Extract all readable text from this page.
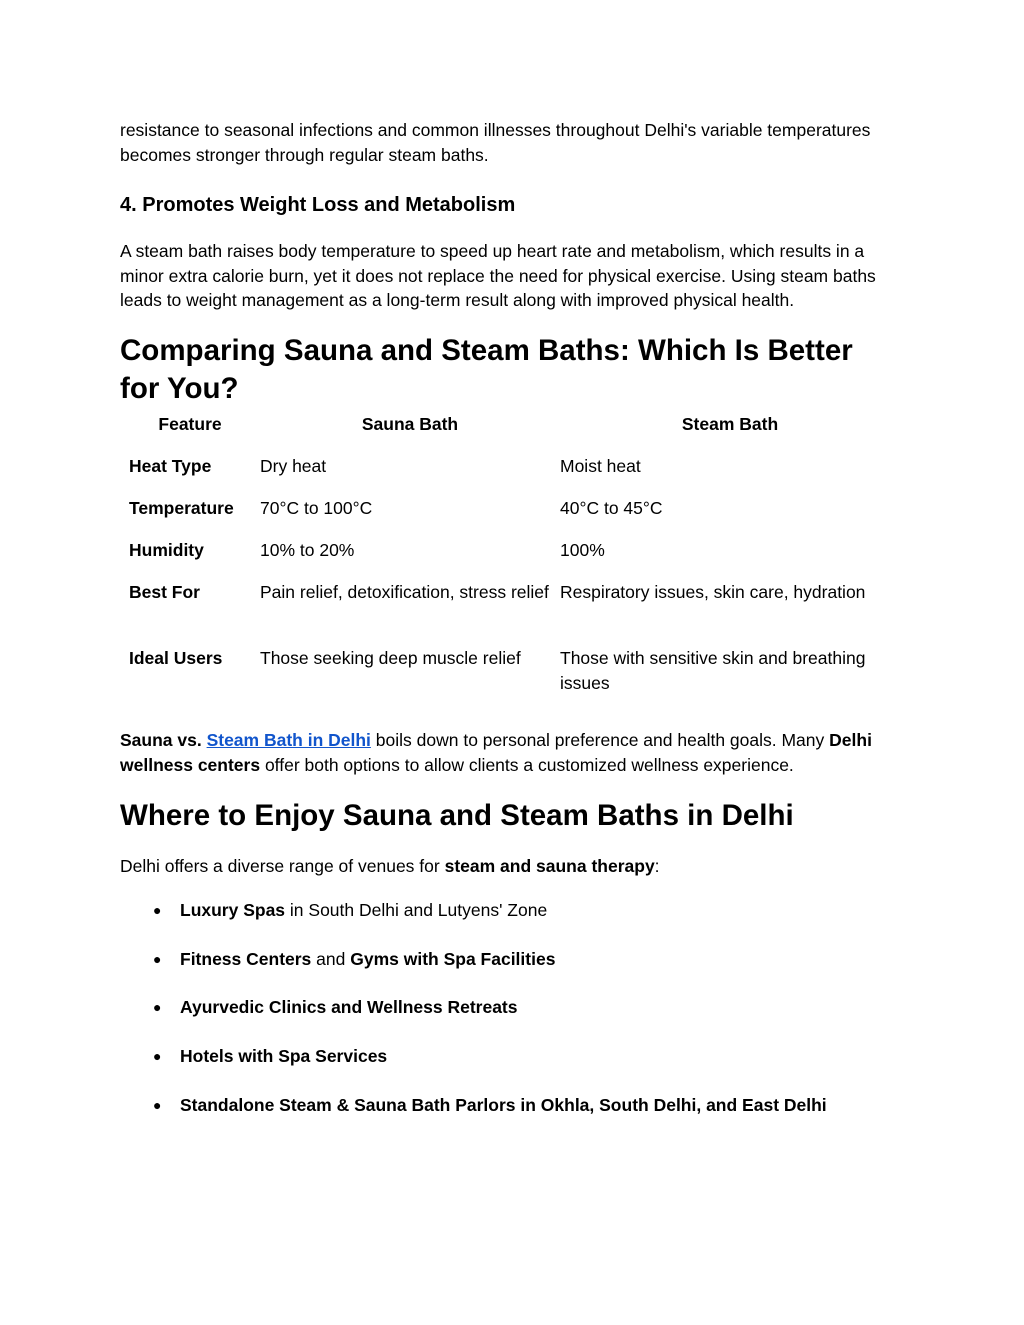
resistance to seasonal infections and common illnesses throughout Delhi's variable temperatures becomes stronger through regular steam baths.

4. Promotes Weight Loss and Metabolism

A steam bath raises body temperature to speed up heart rate and metabolism, which results in a minor extra calorie burn, yet it does not replace the need for physical exercise. Using steam baths leads to weight management as a long-term result along with improved physical health.

Comparing Sauna and Steam Baths: Which Is Better for You?
Feature	Sauna Bath	Steam Bath
Heat Type	Dry heat	Moist heat
Temperature	70°C to 100°C	40°C to 45°C
Humidity	10% to 20%	100%
Best For	Pain relief, detoxification, stress relief	Respiratory issues, skin care, hydration
Ideal Users	Those seeking deep muscle relief	Those with sensitive skin and breathing issues

Sauna vs. Steam Bath in Delhi boils down to personal preference and health goals. Many Delhi wellness centers offer both options to allow clients a customized wellness experience.

Where to Enjoy Sauna and Steam Baths in Delhi

Delhi offers a diverse range of venues for steam and sauna therapy:

● Luxury Spas in South Delhi and Lutyens' Zone
● Fitness Centers and Gyms with Spa Facilities
● Ayurvedic Clinics and Wellness Retreats
● Hotels with Spa Services
● Standalone Steam & Sauna Bath Parlors in Okhla, South Delhi, and East Delhi
